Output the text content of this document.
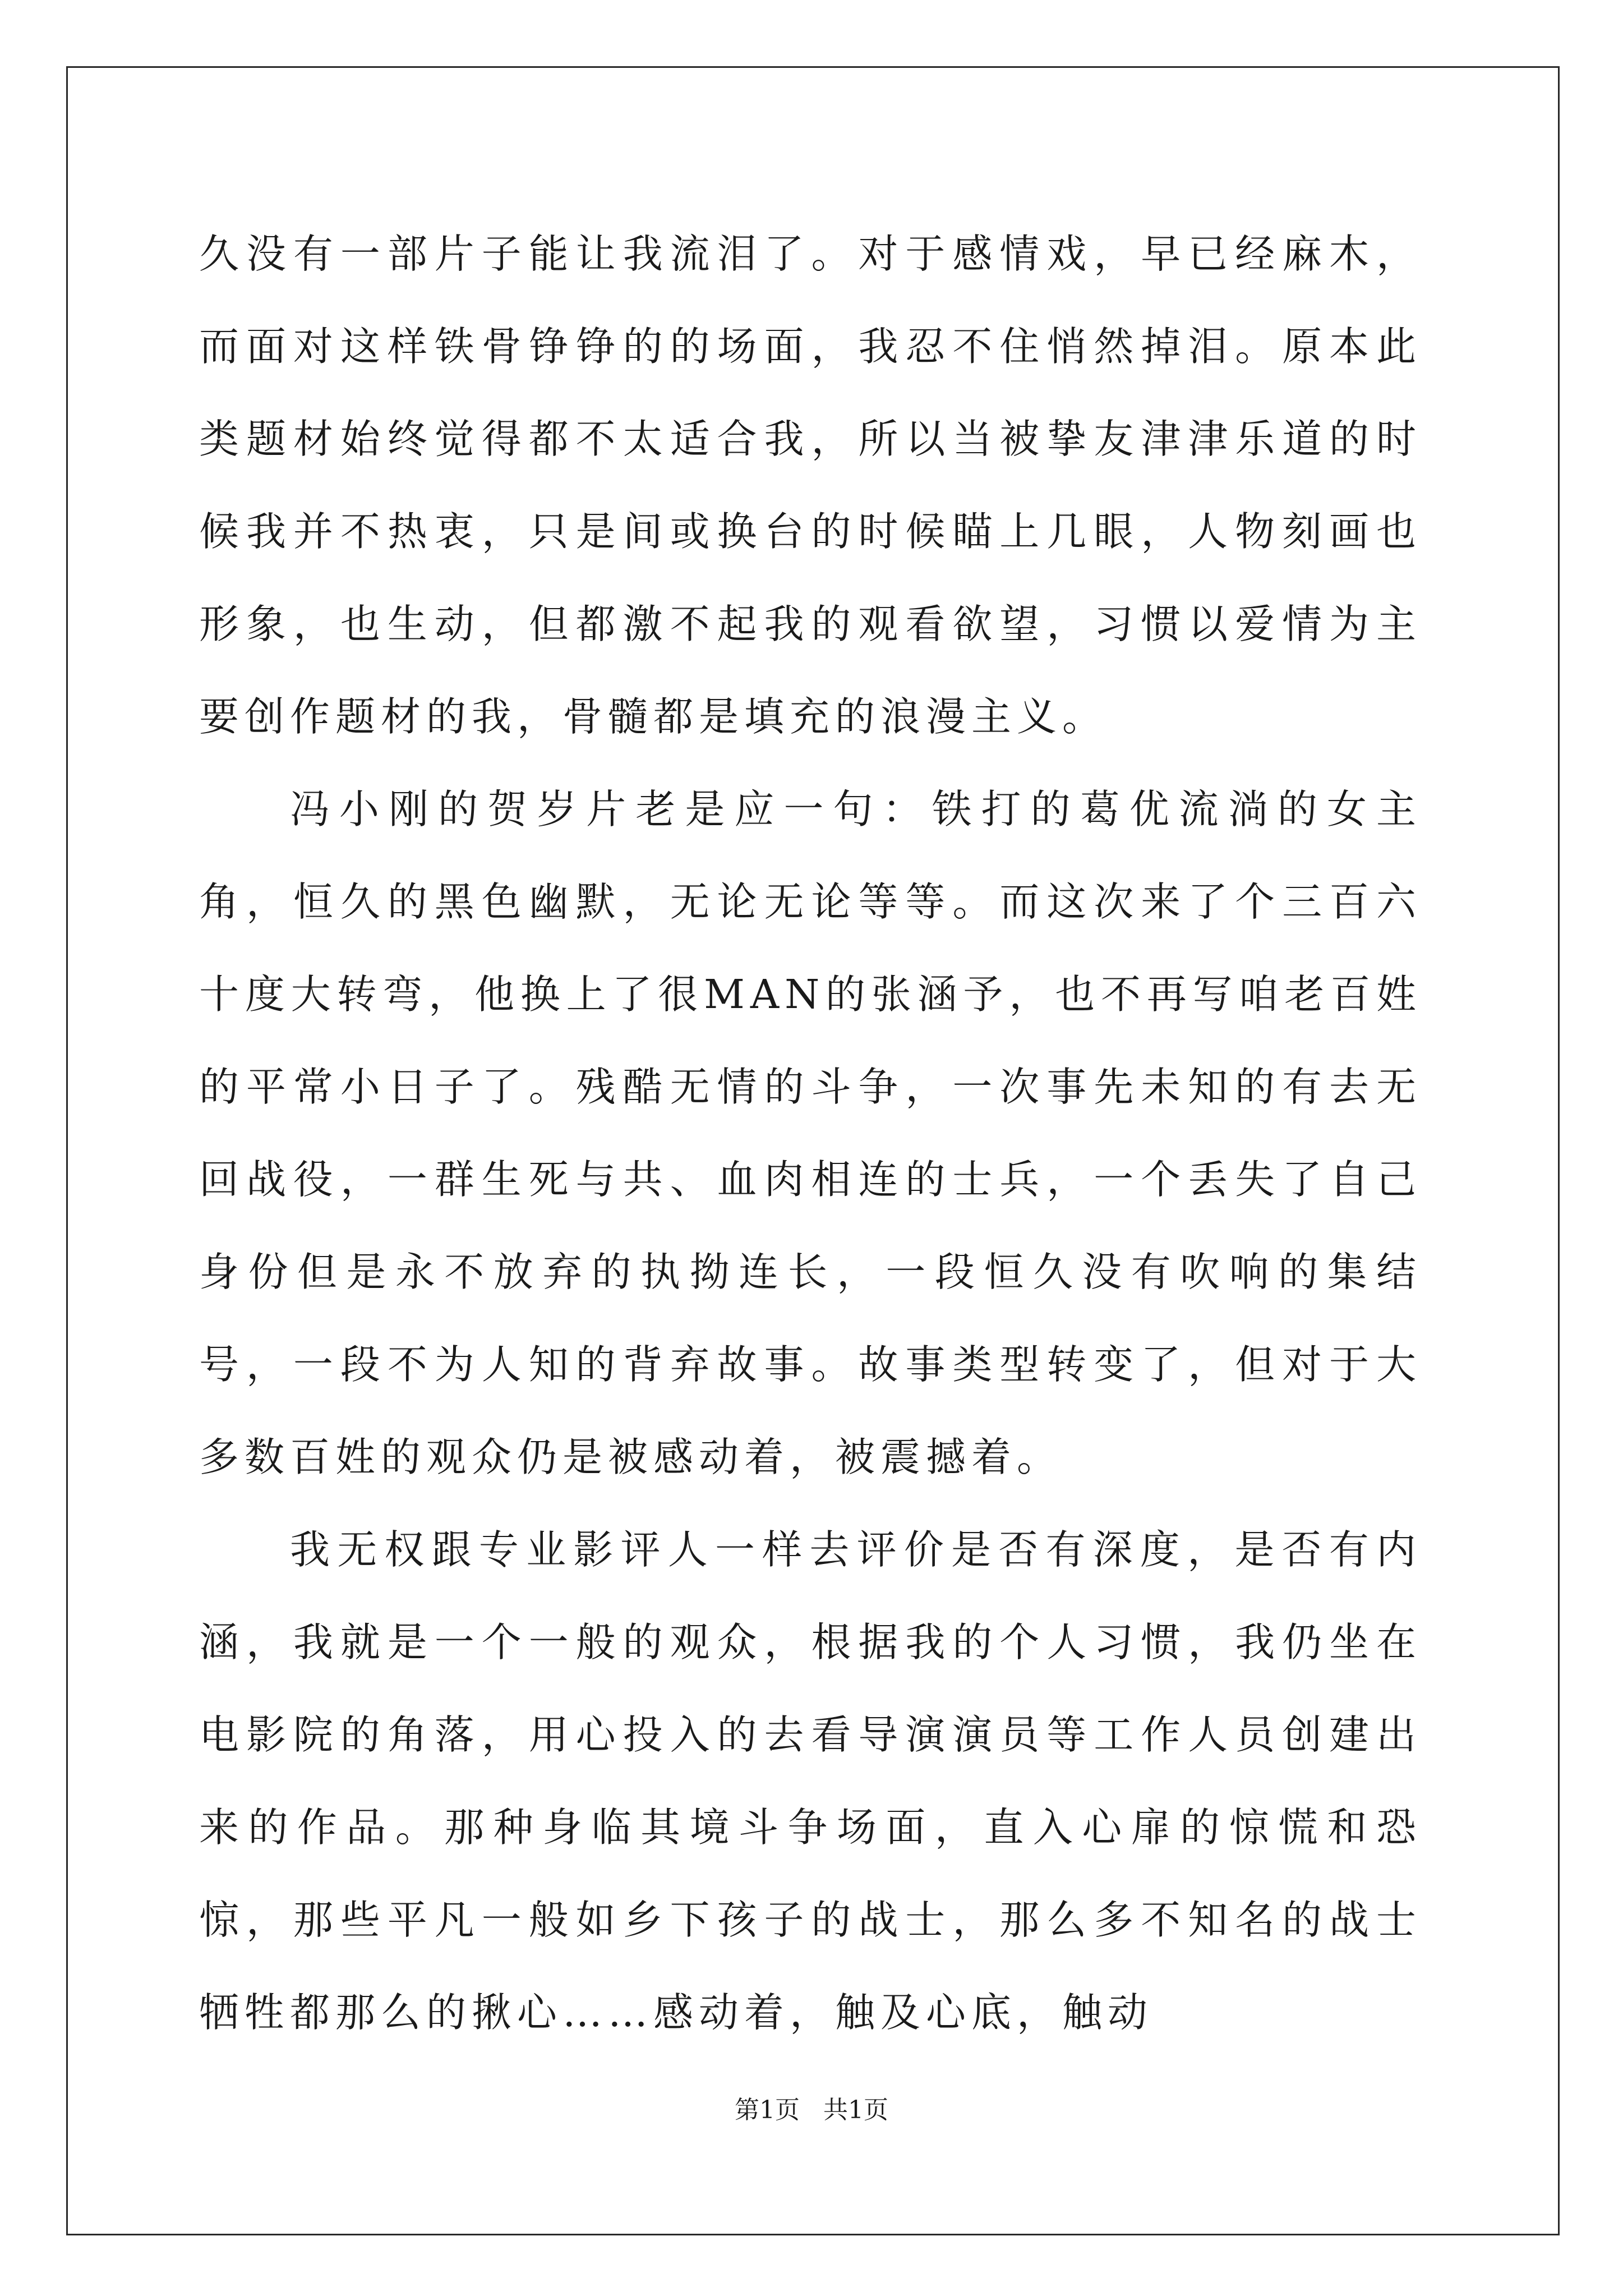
久没有一部片子能让我流泪了。对于感情戏，早已经麻木，而面对这样铁骨铮铮的的场面，我忍不住悄然掉泪。原本此类题材始终觉得都不太适合我，所以当被挚友津津乐道的时候我并不热衷，只是间或换台的时候瞄上几眼，人物刻画也形象，也生动，但都激不起我的观看欲望，习惯以爱情为主要创作题材的我，骨髓都是填充的浪漫主义。

冯小刚的贺岁片老是应一句：铁打的葛优流淌的女主角，恒久的黑色幽默，无论无论等等。而这次来了个三百六十度大转弯，他换上了很MAN的张涵予，也不再写咱老百姓的平常小日子了。残酷无情的斗争，一次事先未知的有去无回战役，一群生死与共、血肉相连的士兵，一个丢失了自己身份但是永不放弃的执拗连长，一段恒久没有吹响的集结号，一段不为人知的背弃故事。故事类型转变了，但对于大多数百姓的观众仍是被感动着，被震撼着。

我无权跟专业影评人一样去评价是否有深度，是否有内涵，我就是一个一般的观众，根据我的个人习惯，我仍坐在电影院的角落，用心投入的去看导演演员等工作人员创建出来的作品。那种身临其境斗争场面，直入心扉的惊慌和恐惊，那些平凡一般如乡下孩子的战士，那么多不知名的战士牺牲都那么的揪心……感动着，触及心底，触动

第1页 共1页
